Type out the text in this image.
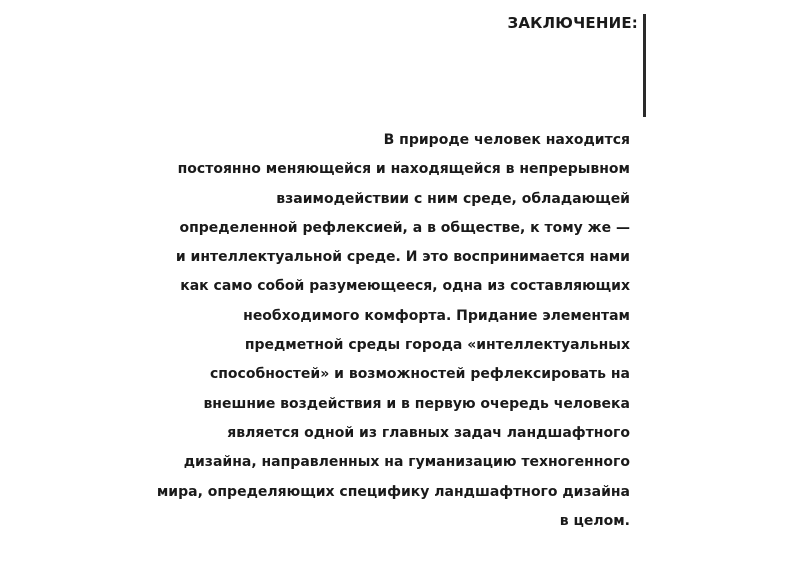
ЗАКЛЮЧЕНИЕ:
В природе человек находится
постоянно меняющейся и находящейся в непрерывном
взаимодействии с ним среде, обладающей
определенной рефлексией, а в обществе, к тому же —
и интеллектуальной среде. И это воспринимается нами
как само собой разумеющееся, одна из составляющих
необходимого комфорта. Придание элементам
предметной среды города «интеллектуальных
способностей» и возможностей рефлексировать на
внешние воздействия и в первую очередь человека
является одной из главных задач ландшафтного
дизайна, направленных на гуманизацию техногенного
мира, определяющих специфику ландшафтного дизайна
в целом.
